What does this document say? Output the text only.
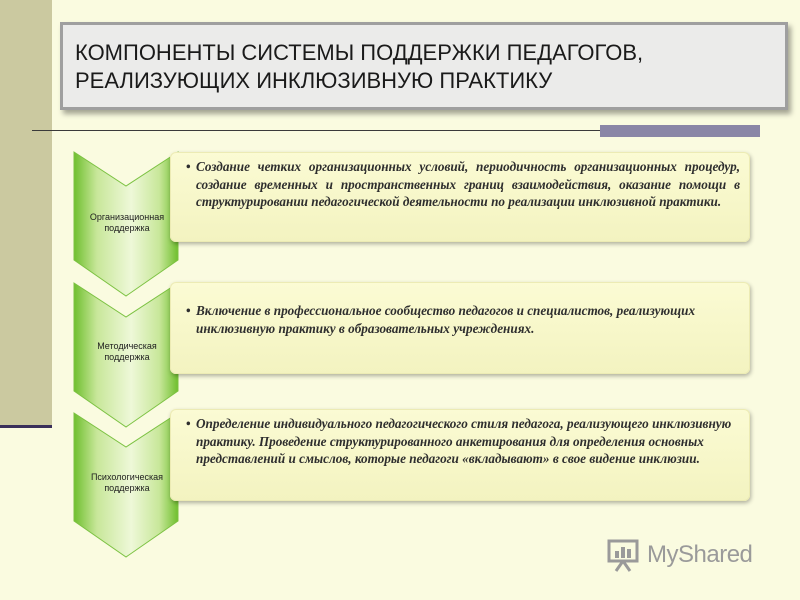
КОМПОНЕНТЫ СИСТЕМЫ ПОДДЕРЖКИ ПЕДАГОГОВ,
РЕАЛИЗУЮЩИХ ИНКЛЮЗИВНУЮ ПРАКТИКУ
Организационная
поддержка
• Создание четких организационных условий, периодичность организационных процедур, создание временных и пространственных границ взаимодействия, оказание помощи в структурировании педагогической деятельности по реализации инклюзивной практики.
Методическая
поддержка
• Включение в профессиональное сообщество педагогов и специалистов, реализующих инклюзивную практику в образовательных учреждениях.
Психологическая
поддержка
• Определение индивидуального педагогического стиля педагога, реализующего инклюзивную практику. Проведение структурированного анкетирования для определения основных представлений и смыслов, которые педагоги «вкладывают» в свое видение инклюзии.
MyShared
